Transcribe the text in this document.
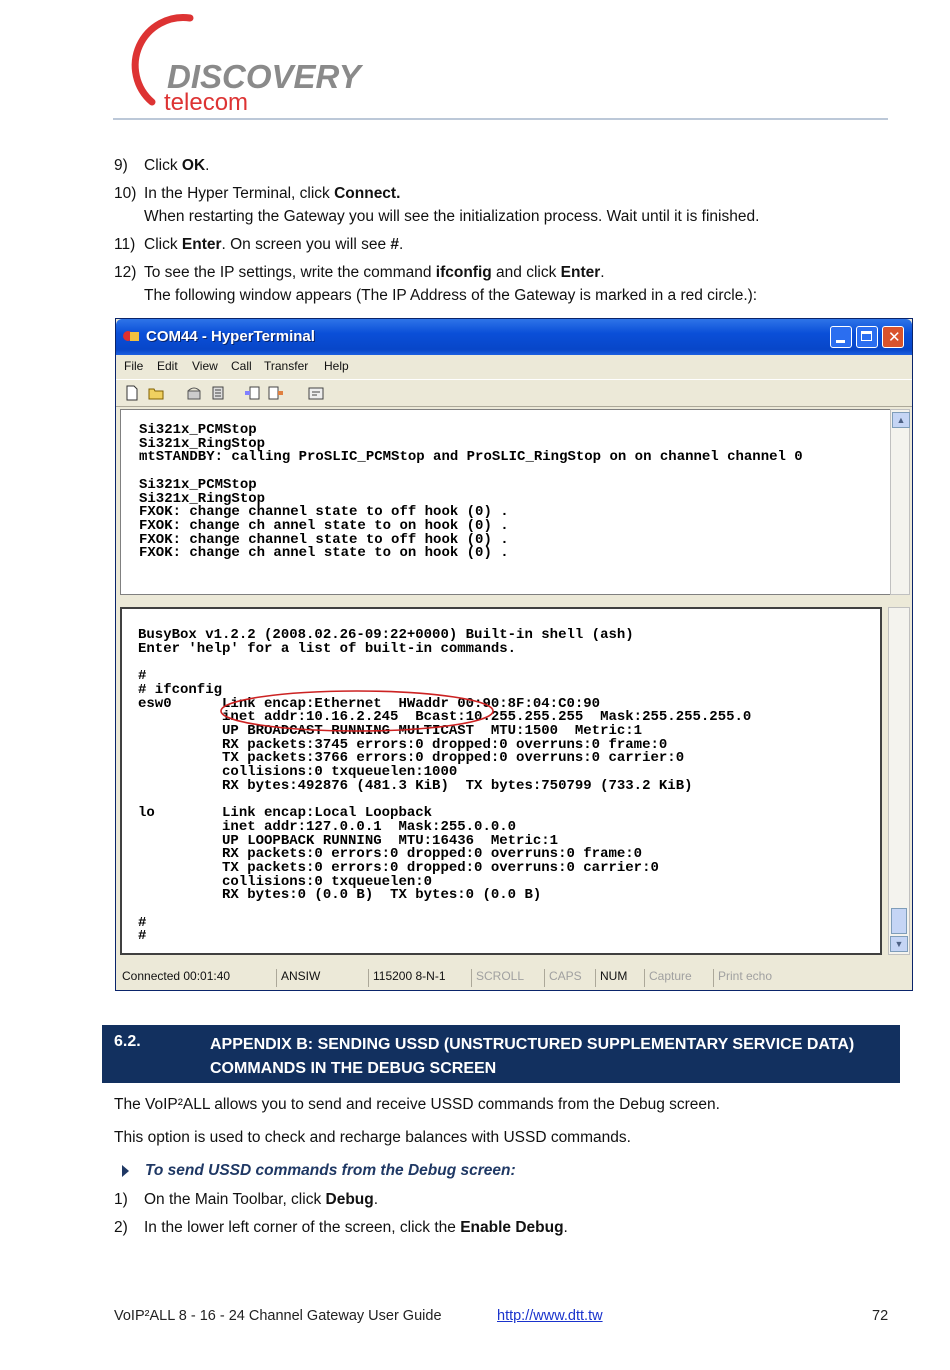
DISCOVERY
telecom
9) Click OK.
10) In the Hyper Terminal, click Connect.
When restarting the Gateway you will see the initialization process. Wait until it is finished.
11) Click Enter. On screen you will see #.
12) To see the IP settings, write the command ifconfig and click Enter.
The following window appears (The IP Address of the Gateway is marked in a red circle.):
COM44 - HyperTerminal	✕
File Edit View Call Transfer Help
Si321x_PCMStop
Si321x_RingStop
mtSTANDBY: calling ProSLIC_PCMStop and ProSLIC_RingStop on on channel channel 0

Si321x_PCMStop
Si321x_RingStop
FXOK: change channel state to off hook (0) .
FXOK: change ch annel state to on hook (0) .
FXOK: change channel state to off hook (0) .
FXOK: change ch annel state to on hook (0) .
▲
BusyBox v1.2.2 (2008.02.26-09:22+0000) Built-in shell (ash)
Enter 'help' for a list of built-in commands.

#
# ifconfig
esw0      Link encap:Ethernet  HWaddr 00:90:8F:04:C0:90
inet addr:10.16.2.245  Bcast:10.255.255.255  Mask:255.255.255.0
UP BROADCAST RUNNING MULTICAST  MTU:1500  Metric:1
RX packets:3745 errors:0 dropped:0 overruns:0 frame:0
TX packets:3766 errors:0 dropped:0 overruns:0 carrier:0
collisions:0 txqueuelen:1000
RX bytes:492876 (481.3 KiB)  TX bytes:750799 (733.2 KiB)

lo        Link encap:Local Loopback
inet addr:127.0.0.1  Mask:255.0.0.0
UP LOOPBACK RUNNING  MTU:16436  Metric:1
RX packets:0 errors:0 dropped:0 overruns:0 frame:0
TX packets:0 errors:0 dropped:0 overruns:0 carrier:0
collisions:0 txqueuelen:0
RX bytes:0 (0.0 B)  TX bytes:0 (0.0 B)

#
#	▼
Connected 00:01:40	ANSIW	115200 8-N-1	SCROLL	CAPS	NUM	Capture	Print echo
6.2.	APPENDIX B: SENDING USSD (UNSTRUCTURED SUPPLEMENTARY SERVICE DATA) COMMANDS IN THE DEBUG SCREEN
The VoIP²ALL allows you to send and receive USSD commands from the Debug screen.
This option is used to check and recharge balances with USSD commands.
To send USSD commands from the Debug screen:
1) On the Main Toolbar, click Debug.
2) In the lower left corner of the screen, click the Enable Debug.
VoIP²ALL 8 - 16 - 24 Channel Gateway User Guide	http://www.dtt.tw	72
